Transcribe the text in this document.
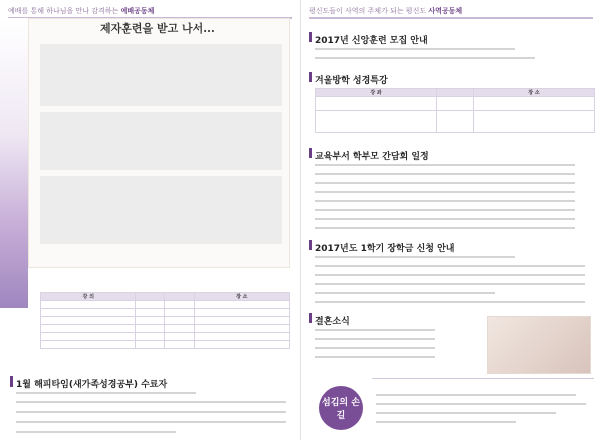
예배를 통해 하나님을 만나 감격하는 예배공동체
제자훈련을 받고 나서...
강 의			장 소

1월 해피타임(새가족성경공부) 수료자
평신도들이 사역의 주체가 되는 평신도 사역공동체
2017년 신앙훈련 모집 안내
겨울방학 성경특강
강 좌		장 소

교육부서 학부모 간담회 일정
2017년도 1학기 장학금 신청 안내
결혼소식
섬김의 손길
